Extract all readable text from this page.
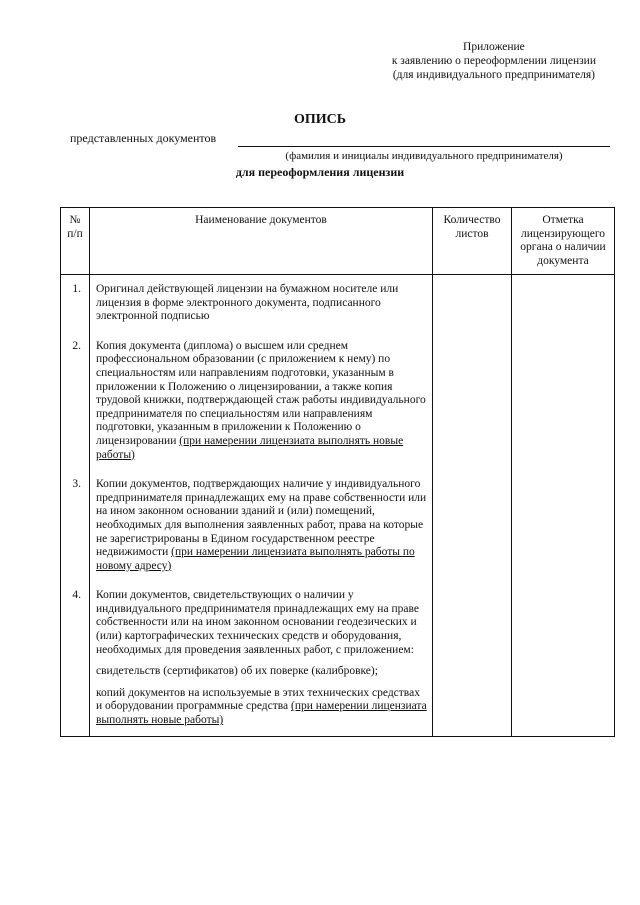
Приложение
к заявлению о переоформлении лицензии
(для индивидуального предпринимателя)
ОПИСЬ
представленных документов
(фамилия и инициалы индивидуального предпринимателя)
для переоформления лицензии
№ п/п	Наименование документов	Количество листов	Отметка лицензирующего органа о наличии документа
1.	Оригинал действующей лицензии на бумажном носителе или лицензия в форме электронного документа, подписанного электронной подписью		
2.	Копия документа (диплома) о высшем или среднем профессиональном образовании (с приложением к нему) по специальностям или направлениям подготовки, указанным в приложении к Положению о лицензировании, а также копия трудовой книжки, подтверждающей стаж работы индивидуального предпринимателя по специальностям или направлениям подготовки, указанным в приложении к Положению о лицензировании (при намерении лицензиата выполнять новые работы)		
3.	Копии документов, подтверждающих наличие у индивидуального предпринимателя принадлежащих ему на праве собственности или на ином законном основании зданий и (или) помещений, необходимых для выполнения заявленных работ, права на которые не зарегистрированы в Едином государственном реестре недвижимости (при намерении лицензиата выполнять работы по новому адресу)		
4.	Копии документов, свидетельствующих о наличии у индивидуального предпринимателя принадлежащих ему на праве собственности или на ином законном основании геодезических и (или) картографических технических средств и оборудования, необходимых для проведения заявленных работ, с приложением:

свидетельств (сертификатов) об их поверке (калибровке);

копий документов на используемые в этих технических средствах и оборудовании программные средства (при намерении лицензиата выполнять новые работы)		
